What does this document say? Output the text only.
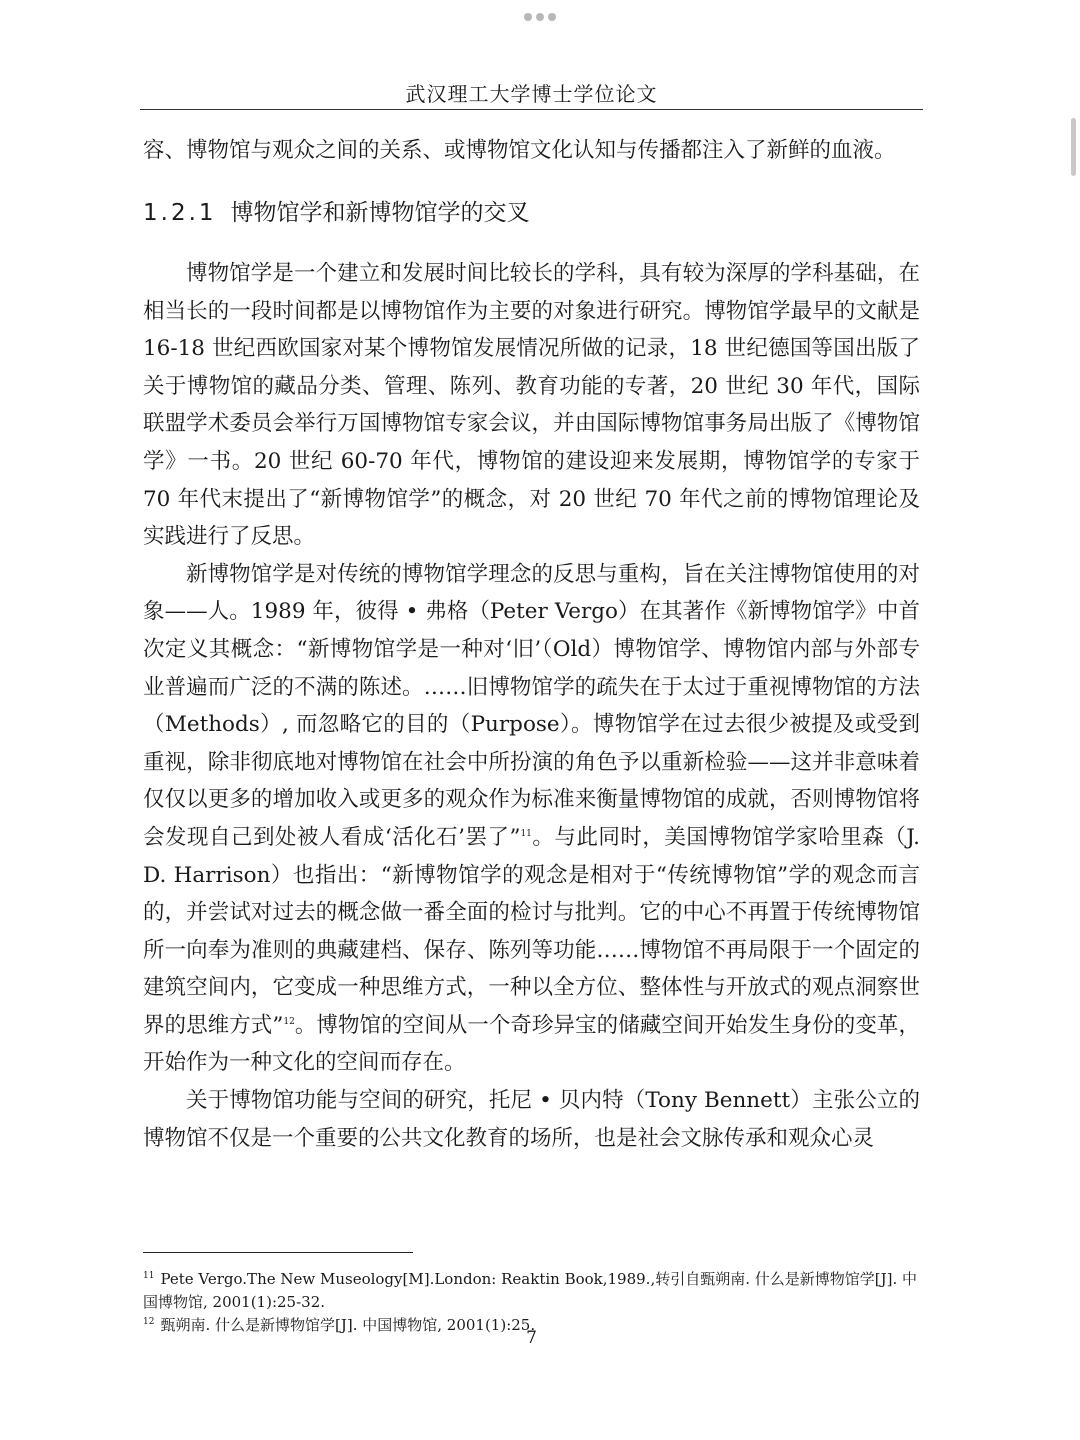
武汉理工大学博士学位论文
容、博物馆与观众之间的关系、或博物馆文化认知与传播都注入了新鲜的血液。
1.2.1 博物馆学和新博物馆学的交叉

博物馆学是一个建立和发展时间比较长的学科，具有较为深厚的学科基础，在相当长的一段时间都是以博物馆作为主要的对象进行研究。博物馆学最早的文献是 16-18 世纪西欧国家对某个博物馆发展情况所做的记录，18 世纪德国等国出版了关于博物馆的藏品分类、管理、陈列、教育功能的专著，20 世纪 30 年代，国际联盟学术委员会举行万国博物馆专家会议，并由国际博物馆事务局出版了《博物馆学》一书。20 世纪 60-70 年代，博物馆的建设迎来发展期，博物馆学的专家于 70 年代末提出了“新博物馆学”的概念，对 20 世纪 70 年代之前的博物馆理论及实践进行了反思。

新博物馆学是对传统的博物馆学理念的反思与重构，旨在关注博物馆使用的对象——人。1989 年，彼得 • 弗格（Peter Vergo）在其著作《新博物馆学》中首次定义其概念：“新博物馆学是一种对‘旧’（Old）博物馆学、博物馆内部与外部专业普遍而广泛的不满的陈述。……旧博物馆学的疏失在于太过于重视博物馆的方法（Methods）, 而忽略它的目的（Purpose）。博物馆学在过去很少被提及或受到重视，除非彻底地对博物馆在社会中所扮演的角色予以重新检验——这并非意味着仅仅以更多的增加收入或更多的观众作为标准来衡量博物馆的成就，否则博物馆将会发现自己到处被人看成‘活化石’罢了”$^{11}$。与此同时，美国博物馆学家哈里森（J. D. Harrison）也指出：“新博物馆学的观念是相对于“传统博物馆”学的观念而言的，并尝试对过去的概念做一番全面的检讨与批判。它的中心不再置于传统博物馆所一向奉为准则的典藏建档、保存、陈列等功能……博物馆不再局限于一个固定的建筑空间内，它变成一种思维方式，一种以全方位、整体性与开放式的观点洞察世界的思维方式”$^{12}$。博物馆的空间从一个奇珍异宝的储藏空间开始发生身份的变革，开始作为一种文化的空间而存在。

关于博物馆功能与空间的研究，托尼 • 贝内特（Tony Bennett）主张公立的博物馆不仅是一个重要的公共文化教育的场所，也是社会文脉传承和观众心灵

$^{11}$ Pete Vergo.The New Museology[M].London: Reaktin Book,1989.,转引自甄朔南. 什么是新博物馆学[J]. 中国博物馆, 2001(1):25-32.

$^{12}$ 甄朔南. 什么是新博物馆学[J]. 中国博物馆, 2001(1):25.

7
